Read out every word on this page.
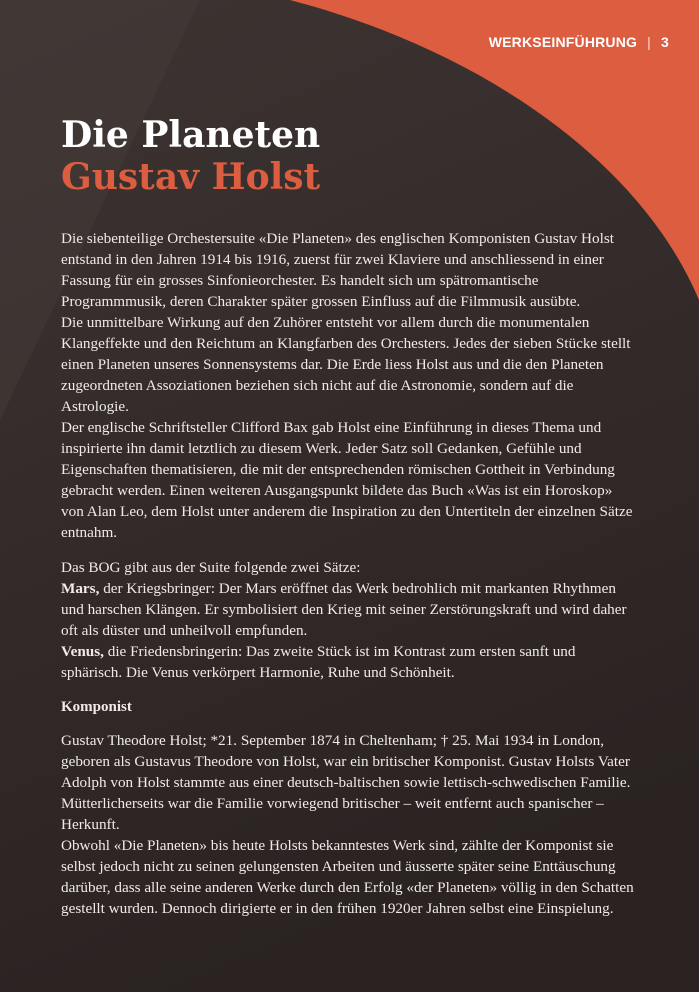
WERKSEINFÜHRUNG | 3
Die Planeten
Gustav Holst

Die siebenteilige Orchestersuite «Die Planeten» des englischen Komponisten Gustav Holst entstand in den Jahren 1914 bis 1916, zuerst für zwei Klaviere und anschliessend in einer Fassung für ein grosses Sinfonieorchester. Es handelt sich um spätromantische Programmmusik, deren Charakter später grossen Einfluss auf die Filmmusik ausübte.

Die unmittelbare Wirkung auf den Zuhörer entsteht vor allem durch die monumentalen Klangeffekte und den Reichtum an Klangfarben des Orchesters. Jedes der sieben Stücke stellt einen Planeten unseres Sonnensystems dar. Die Erde liess Holst aus und die den Planeten zugeordneten Assoziationen beziehen sich nicht auf die Astronomie, sondern auf die Astrologie.

Der englische Schriftsteller Clifford Bax gab Holst eine Einführung in dieses Thema und inspirierte ihn damit letztlich zu diesem Werk. Jeder Satz soll Gedanken, Gefühle und Eigenschaften thematisieren, die mit der entsprechenden römischen Gottheit in Verbindung gebracht werden. Einen weiteren Ausgangspunkt bildete das Buch «Was ist ein Horoskop» von Alan Leo, dem Holst unter anderem die Inspiration zu den Untertiteln der einzelnen Sätze entnahm.

Das BOG gibt aus der Suite folgende zwei Sätze:

Mars, der Kriegsbringer: Der Mars eröffnet das Werk bedrohlich mit markanten Rhythmen und harschen Klängen. Er symbolisiert den Krieg mit seiner Zerstörungskraft und wird daher oft als düster und unheilvoll empfunden.

Venus, die Friedensbringerin: Das zweite Stück ist im Kontrast zum ersten sanft und sphärisch. Die Venus verkörpert Harmonie, Ruhe und Schönheit.

Komponist

Gustav Theodore Holst; *21. September 1874 in Cheltenham; † 25. Mai 1934 in London, geboren als Gustavus Theodore von Holst, war ein britischer Komponist. Gustav Holsts Vater Adolph von Holst stammte aus einer deutsch-baltischen sowie lettisch-schwedischen Familie. Mütterlicherseits war die Familie vorwiegend britischer – weit entfernt auch spanischer – Herkunft.

Obwohl «Die Planeten» bis heute Holsts bekanntestes Werk sind, zählte der Komponist sie selbst jedoch nicht zu seinen gelungensten Arbeiten und äusserte später seine Enttäuschung darüber, dass alle seine anderen Werke durch den Erfolg «der Planeten» völlig in den Schatten gestellt wurden. Dennoch dirigierte er in den frühen 1920er Jahren selbst eine Einspielung.
